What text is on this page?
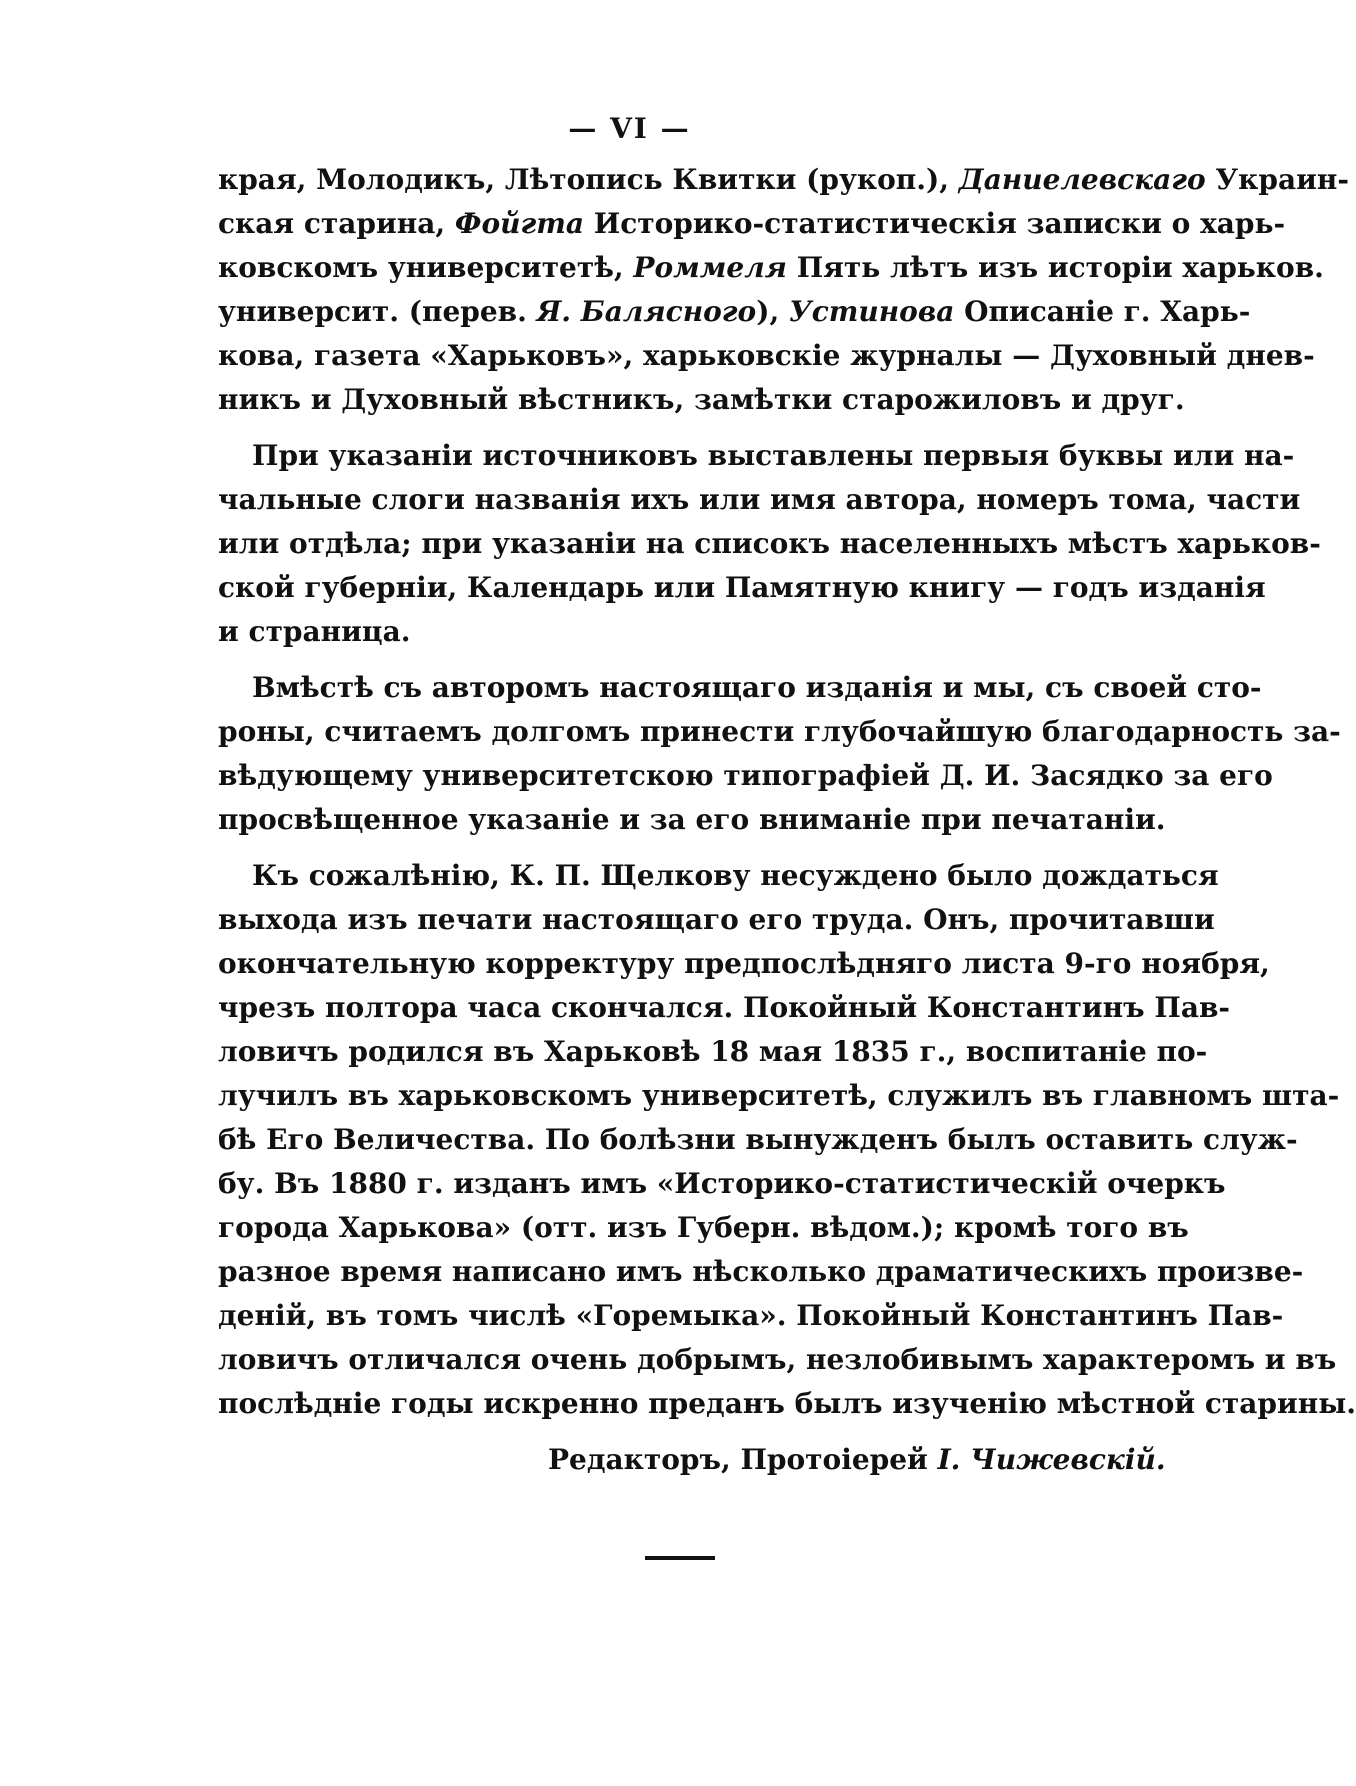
— VI —
края, Молодикъ, Лѣтопись Квитки (рукоп.), Даниелевскаго Украин-
ская старина, Фойгта Историко-статистическія записки о харь-
ковскомъ университетѣ, Роммеля Пять лѣтъ изъ исторіи харьков.
университ. (перев. Я. Балясного), Устинова Описаніе г. Харь-
кова, газета «Харьковъ», харьковскіе журналы — Духовный днев-
никъ и Духовный вѣстникъ, замѣтки старожиловъ и друг.
При указаніи источниковъ выставлены первыя буквы или на-
чальные слоги названія ихъ или имя автора, номеръ тома, части
или отдѣла; при указаніи на списокъ населенныхъ мѣстъ харьков-
ской губерніи, Календарь или Памятную книгу — годъ изданія
и страница.
Вмѣстѣ съ авторомъ настоящаго изданія и мы, съ своей сто-
роны, считаемъ долгомъ принести глубочайшую благодарность за-
вѣдующему университетскою типографіей Д. И. Засядко за его
просвѣщенное указаніе и за его вниманіе при печатаніи.
Къ сожалѣнію, К. П. Щелкову несуждено было дождаться
выхода изъ печати настоящаго его труда. Онъ, прочитавши
окончательную корректуру предпослѣдняго листа 9-го ноября,
чрезъ полтора часа скончался. Покойный Константинъ Пав-
ловичъ родился въ Харьковѣ 18 мая 1835 г., воспитаніе по-
лучилъ въ харьковскомъ университетѣ, служилъ въ главномъ шта-
бѣ Его Величества. По болѣзни вынужденъ былъ оставить служ-
бу. Въ 1880 г. изданъ имъ «Историко-статистическій очеркъ
города Харькова» (отт. изъ Губерн. вѣдом.); кромѣ того въ
разное время написано имъ нѣсколько драматическихъ произве-
деній, въ томъ числѣ «Горемыка». Покойный Константинъ Пав-
ловичъ отличался очень добрымъ, незлобивымъ характеромъ и въ
послѣдніе годы искренно преданъ былъ изученію мѣстной старины.
Редакторъ, Протоіерей І. Чижевскій.
